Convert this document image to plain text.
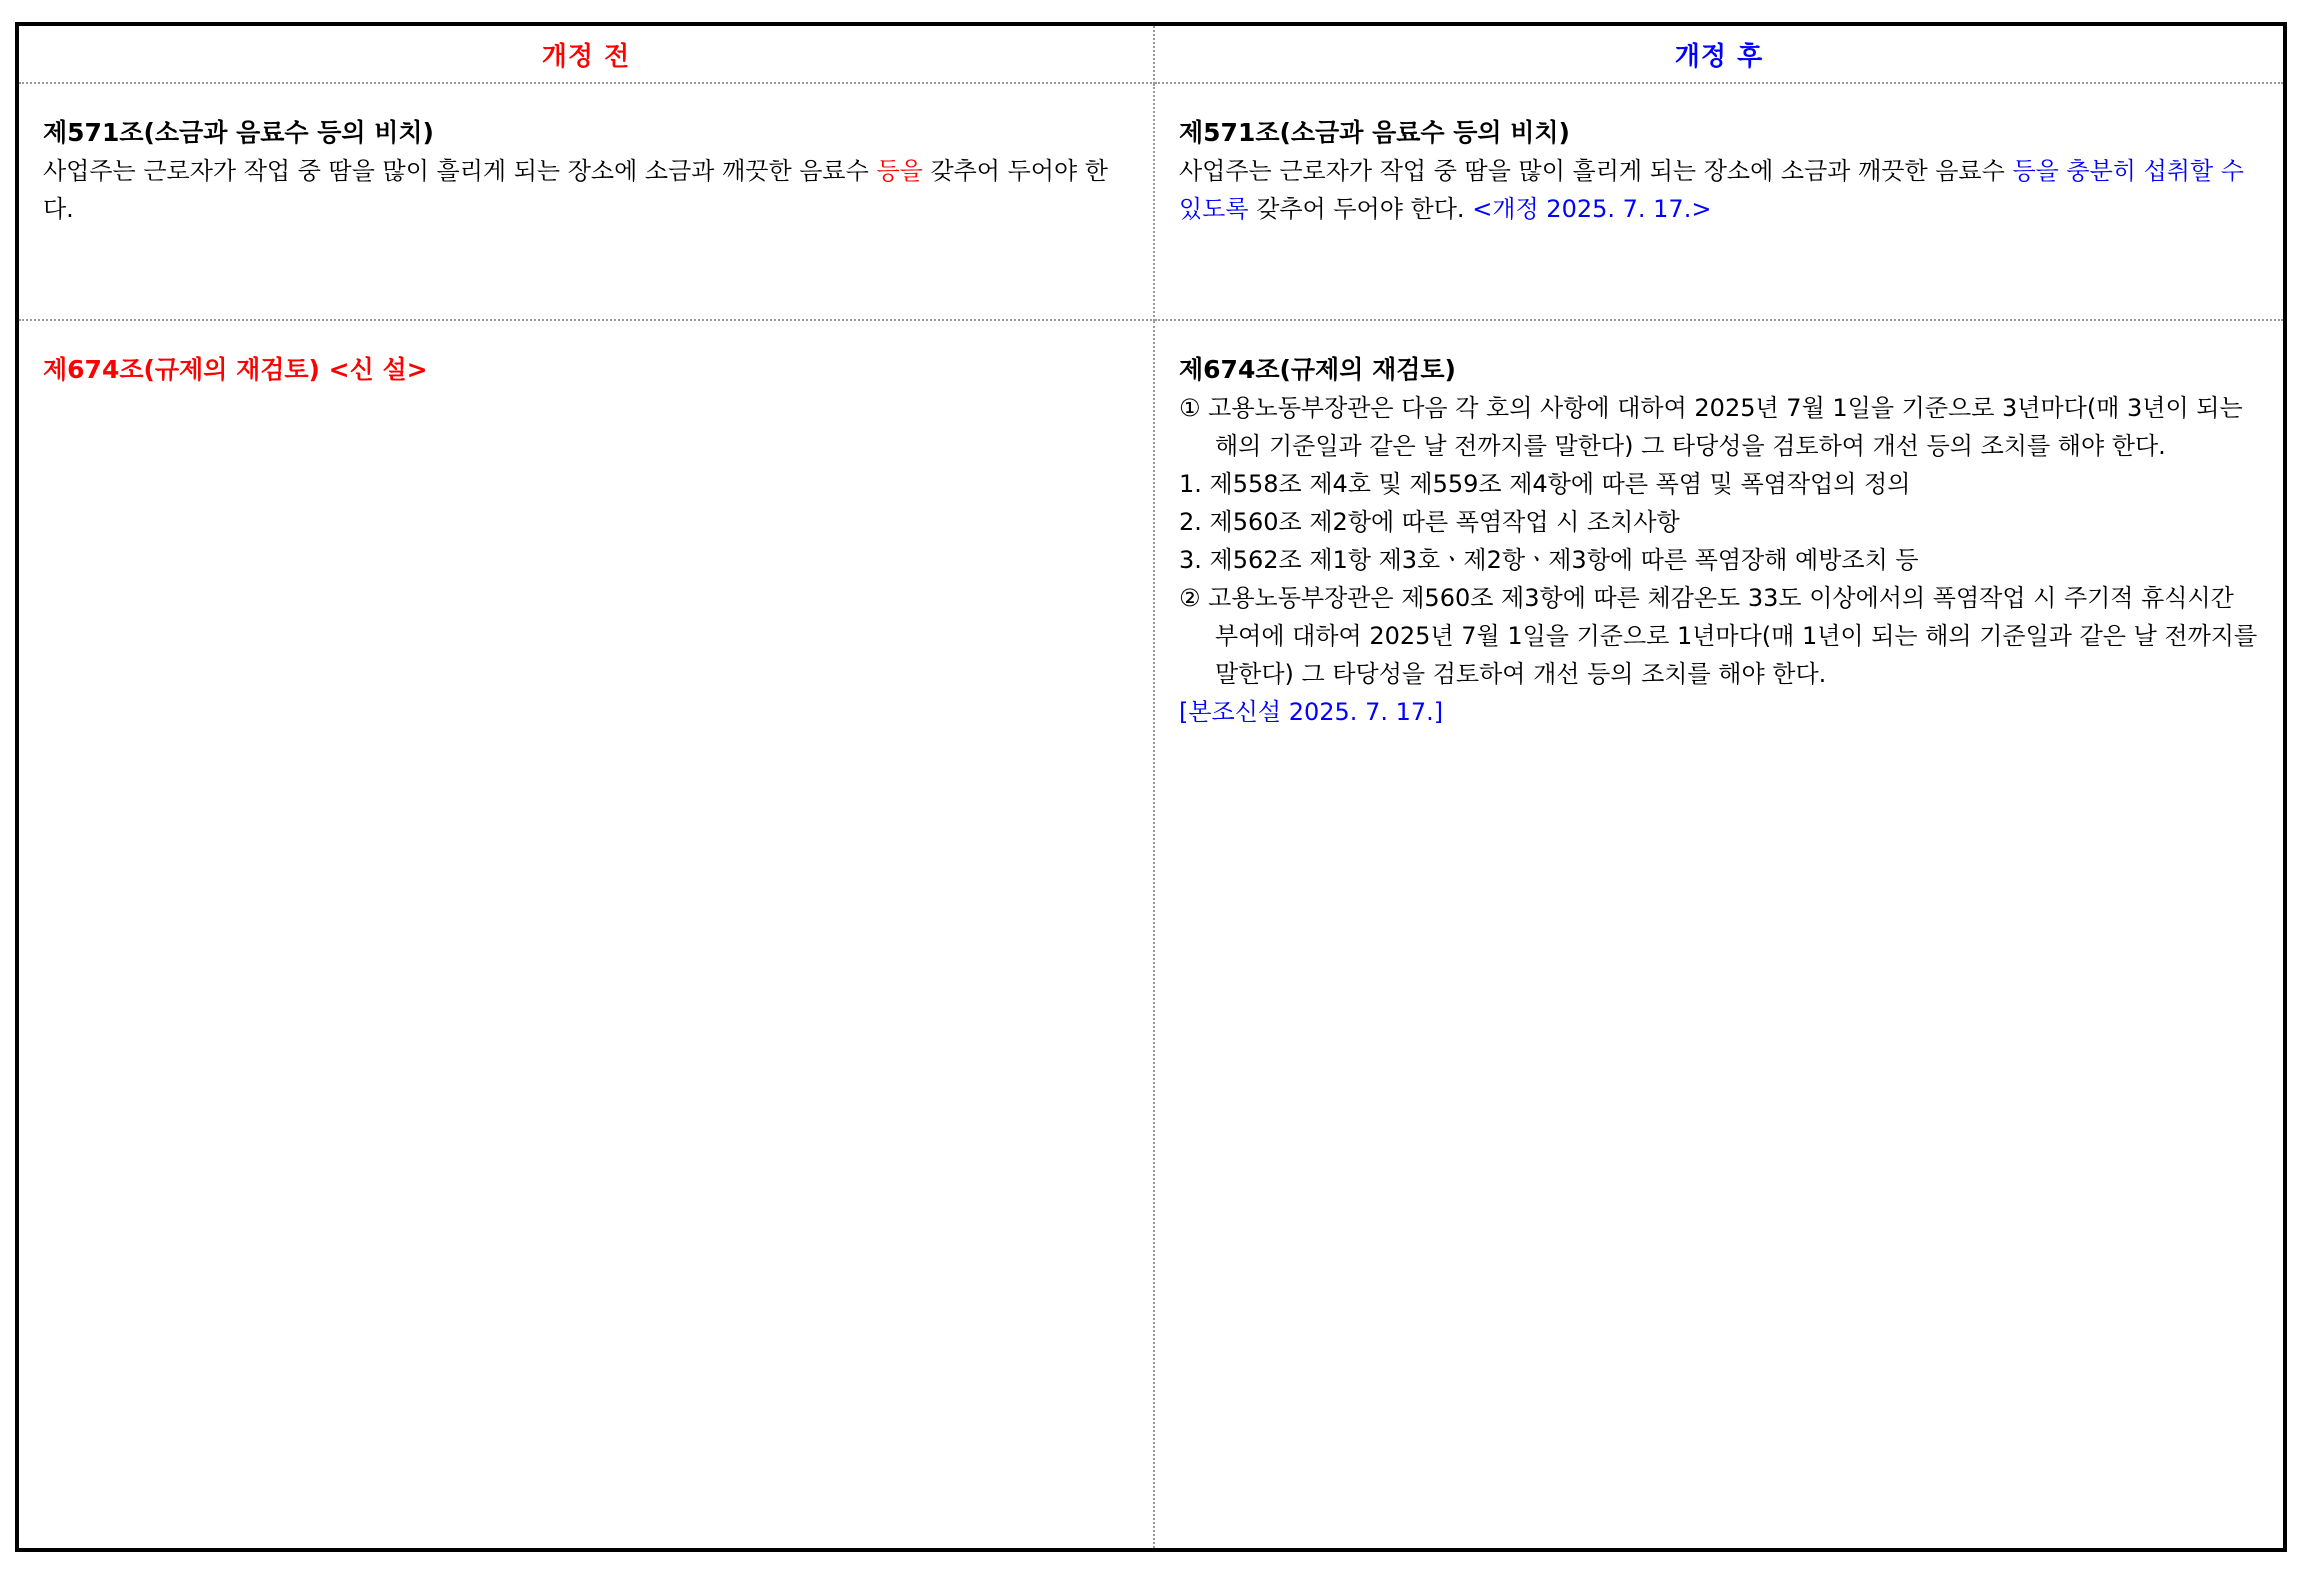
개정 전	개정 후
제571조(소금과 음료수 등의 비치)

사업주는 근로자가 작업 중 땀을 많이 흘리게 되는 장소에 소금과 깨끗한 음료수 등을 갖추어 두어야 한다.

제571조(소금과 음료수 등의 비치)

사업주는 근로자가 작업 중 땀을 많이 흘리게 되는 장소에 소금과 깨끗한 음료수 등을 충분히 섭취할 수 있도록 갖추어 두어야 한다. <개정 2025. 7. 17.>

제674조(규제의 재검토) <신 설>	제674조(규제의 재검토)

① 고용노동부장관은 다음 각 호의 사항에 대하여 2025년 7월 1일을 기준으로 3년마다(매 3년이 되는 해의 기준일과 같은 날 전까지를 말한다) 그 타당성을 검토하여 개선 등의 조치를 해야 한다.

1. 제558조 제4호 및 제559조 제4항에 따른 폭염 및 폭염작업의 정의

2. 제560조 제2항에 따른 폭염작업 시 조치사항

3. 제562조 제1항 제3호ㆍ제2항ㆍ제3항에 따른 폭염장해 예방조치 등

② 고용노동부장관은 제560조 제3항에 따른 체감온도 33도 이상에서의 폭염작업 시 주기적 휴식시간 부여에 대하여 2025년 7월 1일을 기준으로 1년마다(매 1년이 되는 해의 기준일과 같은 날 전까지를 말한다) 그 타당성을 검토하여 개선 등의 조치를 해야 한다.

[본조신설 2025. 7. 17.]
